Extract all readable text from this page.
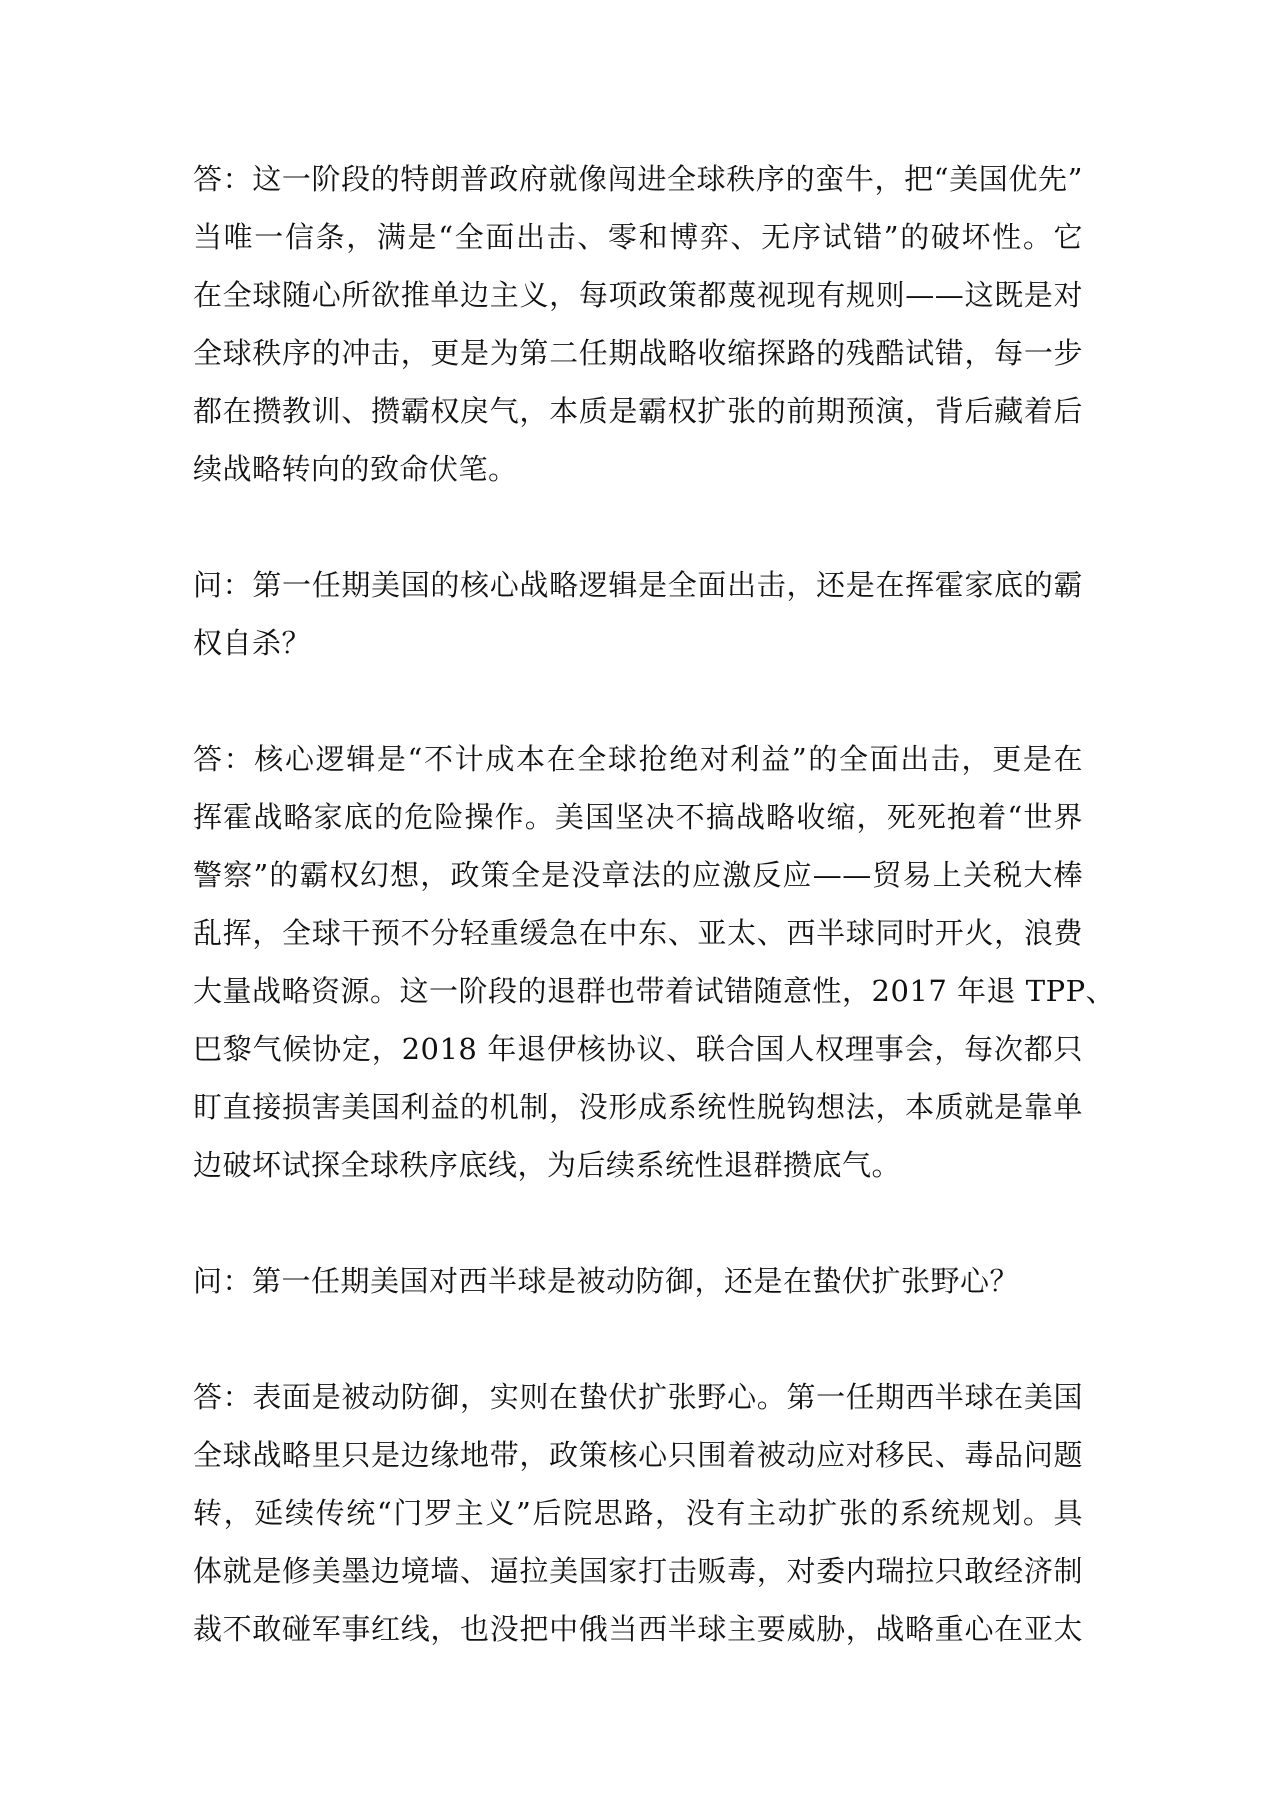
答：这一阶段的特朗普政府就像闯进全球秩序的蛮牛，把“美国优先”
当唯一信条，满是“全面出击、零和博弈、无序试错”的破坏性。它
在全球随心所欲推单边主义，每项政策都蔑视现有规则——这既是对
全球秩序的冲击，更是为第二任期战略收缩探路的残酷试错，每一步
都在攒教训、攒霸权戾气，本质是霸权扩张的前期预演，背后藏着后
续战略转向的致命伏笔。
问：第一任期美国的核心战略逻辑是全面出击，还是在挥霍家底的霸
权自杀？
答：核心逻辑是“不计成本在全球抢绝对利益”的全面出击，更是在
挥霍战略家底的危险操作。美国坚决不搞战略收缩，死死抱着“世界
警察”的霸权幻想，政策全是没章法的应激反应——贸易上关税大棒
乱挥，全球干预不分轻重缓急在中东、亚太、西半球同时开火，浪费
大量战略资源。这一阶段的退群也带着试错随意性，2017 年退 TPP、
巴黎气候协定，2018 年退伊核协议、联合国人权理事会，每次都只
盯直接损害美国利益的机制，没形成系统性脱钩想法，本质就是靠单
边破坏试探全球秩序底线，为后续系统性退群攒底气。
问：第一任期美国对西半球是被动防御，还是在蛰伏扩张野心？
答：表面是被动防御，实则在蛰伏扩张野心。第一任期西半球在美国
全球战略里只是边缘地带，政策核心只围着被动应对移民、毒品问题
转，延续传统“门罗主义”后院思路，没有主动扩张的系统规划。具
体就是修美墨边境墙、逼拉美国家打击贩毒，对委内瑞拉只敢经济制
裁不敢碰军事红线，也没把中俄当西半球主要威胁，战略重心在亚太
